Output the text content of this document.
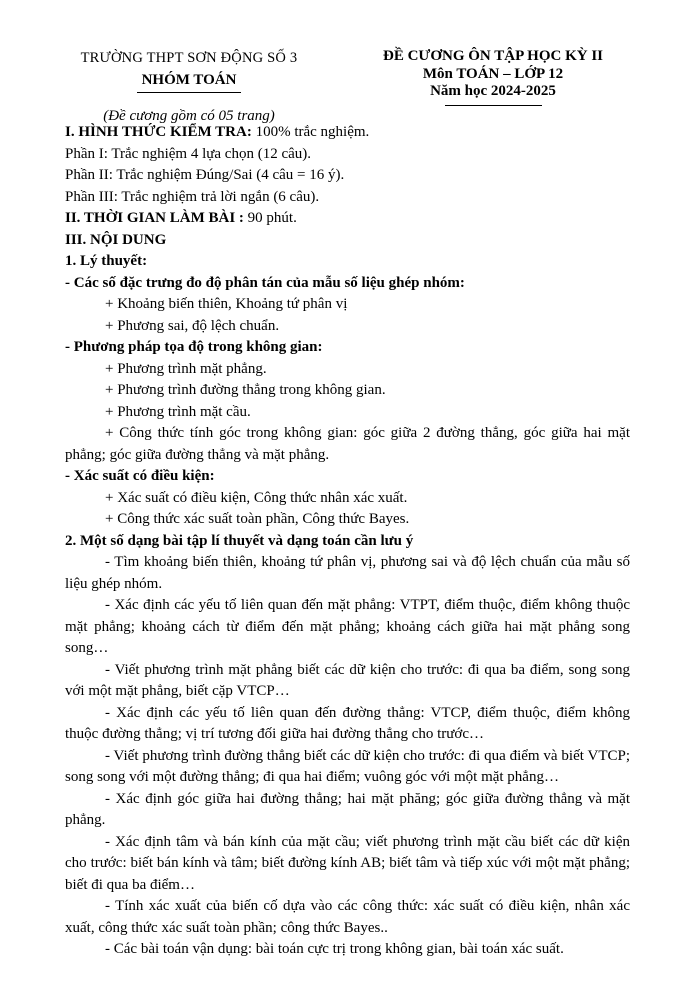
TRƯỜNG THPT SƠN ĐỘNG SỐ 3
NHÓM TOÁN
(Đề cương gồm có 05 trang)
ĐỀ CƯƠNG ÔN TẬP HỌC KỲ II
Môn TOÁN – LỚP 12
Năm học 2024-2025

I. HÌNH THỨC KIỂM TRA: 100% trắc nghiệm.

Phần I: Trắc nghiệm 4 lựa chọn (12 câu).

Phần II: Trắc nghiệm Đúng/Sai (4 câu = 16 ý).

Phần III: Trắc nghiệm trả lời ngắn (6 câu).

II. THỜI GIAN LÀM BÀI : 90 phút.

III. NỘI DUNG

1. Lý thuyết:

- Các số đặc trưng đo độ phân tán của mẫu số liệu ghép nhóm:

+ Khoảng biến thiên, Khoảng tứ phân vị

+ Phương sai, độ lệch chuẩn.

- Phương pháp tọa độ trong không gian:

+ Phương trình mặt phẳng.

+ Phương trình đường thẳng trong không gian.

+ Phương trình mặt cầu.

+ Công thức tính góc trong không gian: góc giữa 2 đường thẳng, góc giữa hai mặt phẳng; góc giữa đường thẳng và mặt phẳng.

- Xác suất có điều kiện:

+ Xác suất có điều kiện, Công thức nhân xác xuất.

+ Công thức xác suất toàn phần, Công thức Bayes.

2. Một số dạng bài tập lí thuyết và dạng toán cần lưu ý

- Tìm khoảng biến thiên, khoảng tứ phân vị, phương sai và độ lệch chuẩn của mẫu số liệu ghép nhóm.

- Xác định các yếu tố liên quan đến mặt phẳng: VTPT, điểm thuộc, điểm không thuộc mặt phẳng; khoảng cách từ điểm đến mặt phẳng; khoảng cách giữa hai mặt phẳng song song…

- Viết phương trình mặt phẳng biết các dữ kiện cho trước: đi qua ba điểm, song song với một mặt phẳng, biết cặp VTCP…

- Xác định các yếu tố liên quan đến đường thẳng: VTCP, điểm thuộc, điểm không thuộc đường thẳng; vị trí tương đối giữa hai đường thẳng cho trước…

- Viết phương trình đường thẳng biết các dữ kiện cho trước: đi qua điểm và biết VTCP; song song với một đường thẳng; đi qua hai điểm; vuông góc với một mặt phẳng…

- Xác định góc giữa hai đường thẳng; hai mặt phăng; góc giữa đường thẳng và mặt phẳng.

- Xác định tâm và bán kính của mặt cầu; viết phương trình mặt cầu biết các dữ kiện cho trước: biết bán kính và tâm; biết đường kính AB; biết tâm và tiếp xúc với một mặt phẳng; biết đi qua ba điểm…

- Tính xác xuất của biến cố dựa vào các công thức: xác suất có điều kiện, nhân xác xuất, công thức xác suất toàn phần; công thức Bayes..

- Các bài toán vận dụng: bài toán cực trị trong không gian, bài toán xác suất.
